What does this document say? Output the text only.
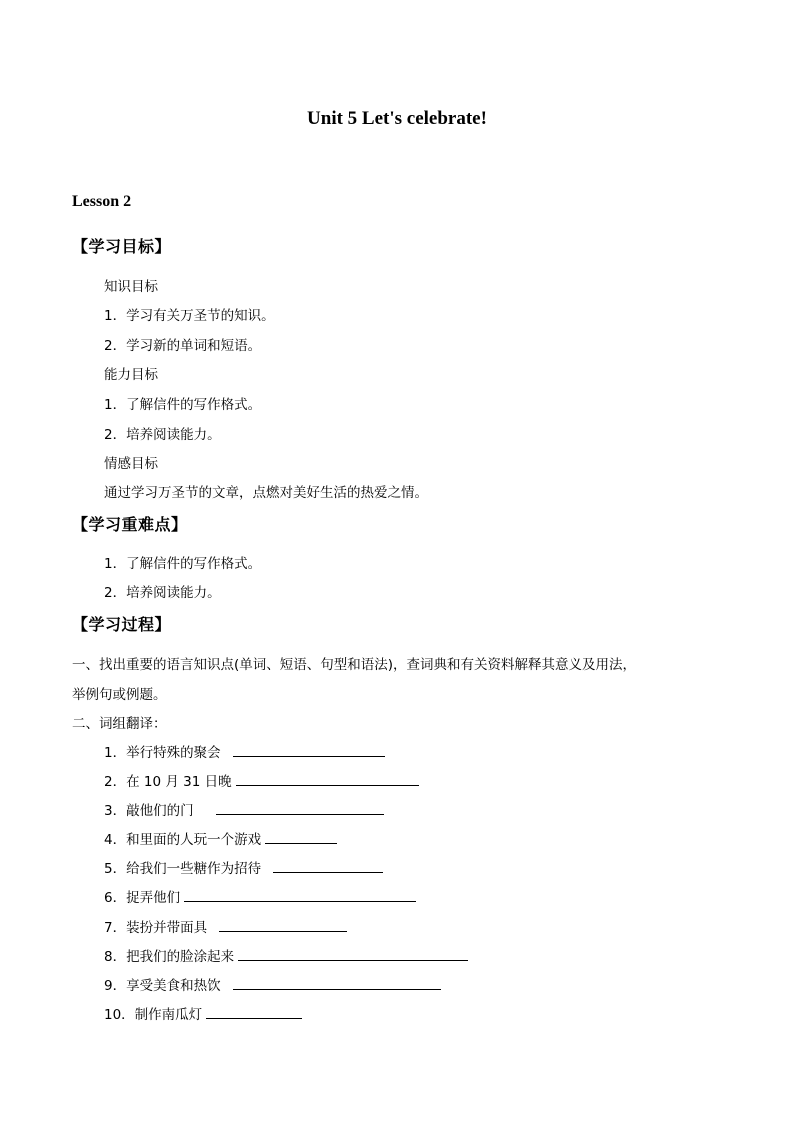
Unit 5 Let's celebrate!
Lesson 2
【学习目标】
知识目标
1．学习有关万圣节的知识。
2．学习新的单词和短语。
能力目标
1．了解信件的写作格式。
2．培养阅读能力。
情感目标
通过学习万圣节的文章，点燃对美好生活的热爱之情。
【学习重难点】
1．了解信件的写作格式。
2．培养阅读能力。
【学习过程】
一、找出重要的语言知识点(单词、短语、句型和语法)，查词典和有关资料解释其意义及用法，
举例句或例题。
二、词组翻译：
1．举行特殊的聚会
2．在 10 月 31 日晚
3．敲他们的门
4．和里面的人玩一个游戏
5．给我们一些糖作为招待
6．捉弄他们
7．装扮并带面具
8．把我们的脸涂起来
9．享受美食和热饮
10．制作南瓜灯
